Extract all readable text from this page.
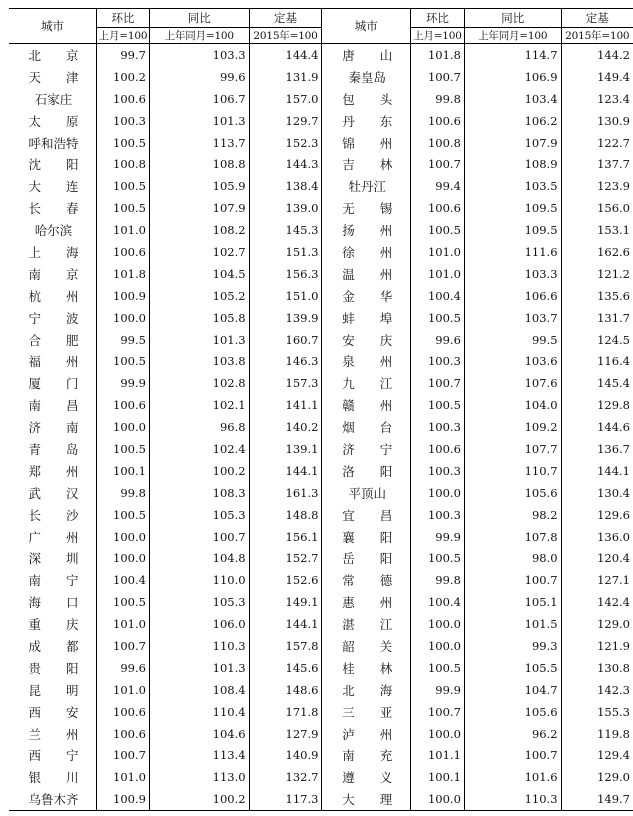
城市	环比	同比	定基	城市	环比	同比	定基
	上月=100	上年同月=100	2015年=100		上月=100	上年同月=100	2015年=100
北　　京	99.7	103.3	144.4	唐　　山	101.8	114.7	144.2
天　　津	100.2	99.6	131.9	秦皇岛	100.7	106.9	149.4
石家庄	100.6	106.7	157.0	包　　头	99.8	103.4	123.4
太　　原	100.3	101.3	129.7	丹　　东	100.6	106.2	130.9
呼和浩特	100.5	113.7	152.3	锦　　州	100.8	107.9	122.7
沈　　阳	100.8	108.8	144.3	吉　　林	100.7	108.9	137.7
大　　连	100.5	105.9	138.4	牡丹江	99.4	103.5	123.9
长　　春	100.5	107.9	139.0	无　　锡	100.6	109.5	156.0
哈尔滨	101.0	108.2	145.3	扬　　州	100.5	109.5	153.1
上　　海	100.6	102.7	151.3	徐　　州	101.0	111.6	162.6
南　　京	101.8	104.5	156.3	温　　州	101.0	103.3	121.2
杭　　州	100.9	105.2	151.0	金　　华	100.4	106.6	135.6
宁　　波	100.0	105.8	139.9	蚌　　埠	100.5	103.7	131.7
合　　肥	99.5	101.3	160.7	安　　庆	99.6	99.5	124.5
福　　州	100.5	103.8	146.3	泉　　州	100.3	103.6	116.4
厦　　门	99.9	102.8	157.3	九　　江	100.7	107.6	145.4
南　　昌	100.6	102.1	141.1	赣　　州	100.5	104.0	129.8
济　　南	100.0	96.8	140.2	烟　　台	100.3	109.2	144.6
青　　岛	100.5	102.4	139.1	济　　宁	100.6	107.7	136.7
郑　　州	100.1	100.2	144.1	洛　　阳	100.3	110.7	144.1
武　　汉	99.8	108.3	161.3	平顶山	100.0	105.6	130.4
长　　沙	100.5	105.3	148.8	宜　　昌	100.3	98.2	129.6
广　　州	100.0	100.7	156.1	襄　　阳	99.9	107.8	136.0
深　　圳	100.0	104.8	152.7	岳　　阳	100.5	98.0	120.4
南　　宁	100.4	110.0	152.6	常　　德	99.8	100.7	127.1
海　　口	100.5	105.3	149.1	惠　　州	100.4	105.1	142.4
重　　庆	101.0	106.0	144.1	湛　　江	100.0	101.5	129.0
成　　都	100.7	110.3	157.8	韶　　关	100.0	99.3	121.9
贵　　阳	99.6	101.3	145.6	桂　　林	100.5	105.5	130.8
昆　　明	101.0	108.4	148.6	北　　海	99.9	104.7	142.3
西　　安	100.6	110.4	171.8	三　　亚	100.7	105.6	155.3
兰　　州	100.6	104.6	127.9	泸　　州	100.0	96.2	119.8
西　　宁	100.7	113.4	140.9	南　　充	101.1	100.7	129.4
银　　川	101.0	113.0	132.7	遵　　义	100.1	101.6	129.0
乌鲁木齐	100.9	100.2	117.3	大　　理	100.0	110.3	149.7
